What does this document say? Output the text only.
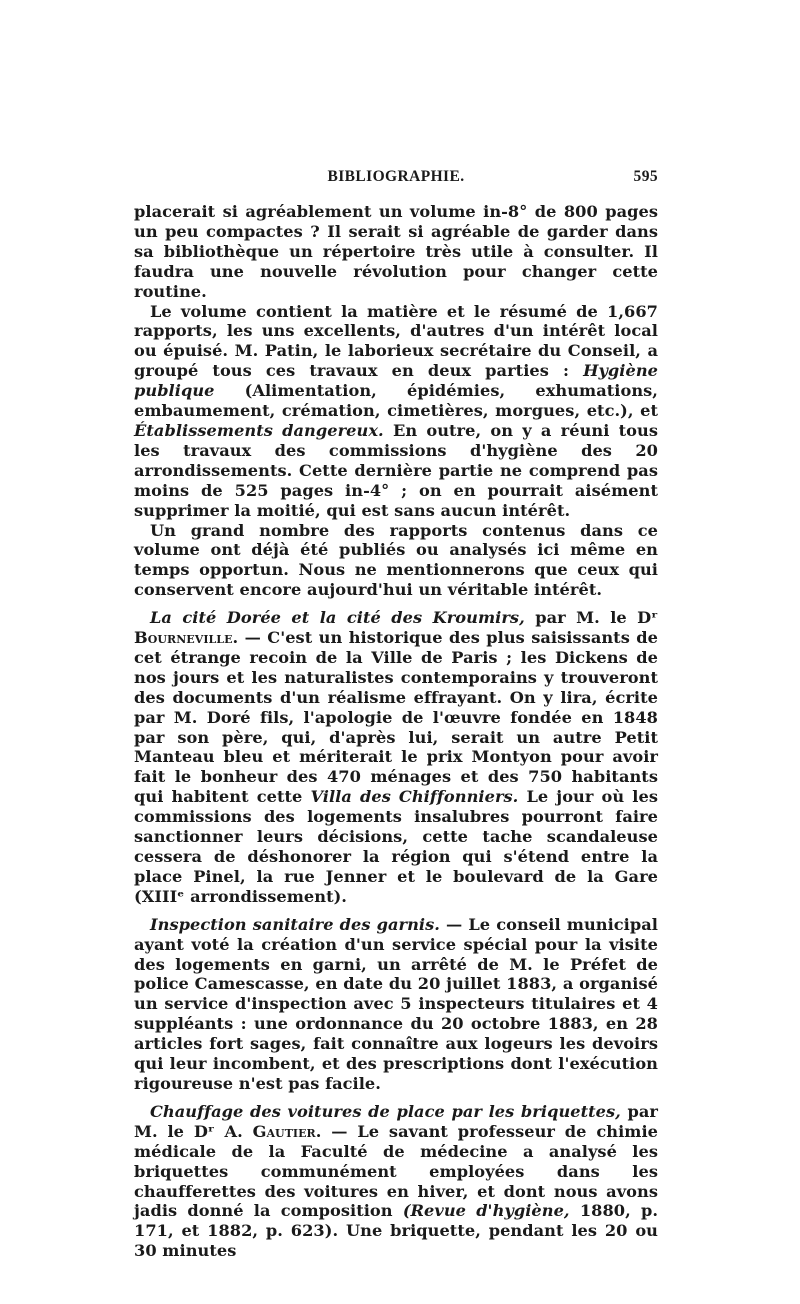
BIBLIOGRAPHIE.	595

placerait si agréablement un volume in-8° de 800 pages un peu compactes ? Il serait si agréable de garder dans sa bibliothèque un répertoire très utile à consulter. Il faudra une nouvelle révolution pour changer cette routine.

Le volume contient la matière et le résumé de 1,667 rapports, les uns excellents, d'autres d'un intérêt local ou épuisé. M. Patin, le laborieux secrétaire du Conseil, a groupé tous ces travaux en deux parties : Hygiène publique (Alimentation, épidémies, exhumations, embaumement, crémation, cimetières, morgues, etc.), et Établissements dangereux. En outre, on y a réuni tous les travaux des commissions d'hygiène des 20 arrondissements. Cette dernière partie ne comprend pas moins de 525 pages in-4° ; on en pourrait aisément supprimer la moitié, qui est sans aucun intérêt.

Un grand nombre des rapports contenus dans ce volume ont déjà été publiés ou analysés ici même en temps opportun. Nous ne mentionnerons que ceux qui conservent encore aujourd'hui un véritable intérêt.

La cité Dorée et la cité des Kroumirs, par M. le Dʳ Bourneville. — C'est un historique des plus saisissants de cet étrange recoin de la Ville de Paris ; les Dickens de nos jours et les naturalistes contemporains y trouveront des documents d'un réalisme effrayant. On y lira, écrite par M. Doré fils, l'apologie de l'œuvre fondée en 1848 par son père, qui, d'après lui, serait un autre Petit Manteau bleu et mériterait le prix Montyon pour avoir fait le bonheur des 470 ménages et des 750 habitants qui habitent cette Villa des Chiffonniers. Le jour où les commissions des logements insalubres pourront faire sanctionner leurs décisions, cette tache scandaleuse cessera de déshonorer la région qui s'étend entre la place Pinel, la rue Jenner et le boulevard de la Gare (XIIIᵉ arrondissement).

Inspection sanitaire des garnis. — Le conseil municipal ayant voté la création d'un service spécial pour la visite des logements en garni, un arrêté de M. le Préfet de police Camescasse, en date du 20 juillet 1883, a organisé un service d'inspection avec 5 inspecteurs titulaires et 4 suppléants : une ordonnance du 20 octobre 1883, en 28 articles fort sages, fait connaître aux logeurs les devoirs qui leur incombent, et des prescriptions dont l'exécution rigoureuse n'est pas facile.

Chauffage des voitures de place par les briquettes, par M. le Dʳ A. Gautier. — Le savant professeur de chimie médicale de la Faculté de médecine a analysé les briquettes communément employées dans les chaufferettes des voitures en hiver, et dont nous avons jadis donné la composition (Revue d'hygiène, 1880, p. 171, et 1882, p. 623). Une briquette, pendant les 20 ou 30 minutes
